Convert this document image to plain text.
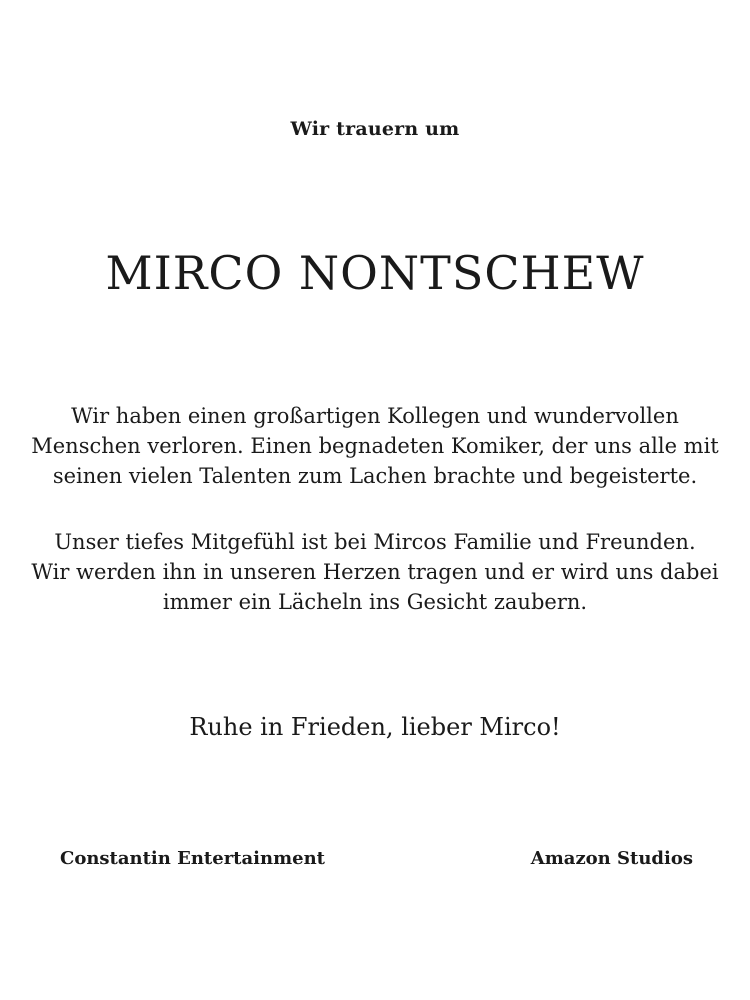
Wir trauern um
MIRCO NONTSCHEW

Wir haben einen großartigen Kollegen und wundervollen
Menschen verloren. Einen begnadeten Komiker, der uns alle mit
seinen vielen Talenten zum Lachen brachte und begeisterte.

Unser tiefes Mitgefühl ist bei Mircos Familie und Freunden.
Wir werden ihn in unseren Herzen tragen und er wird uns dabei
immer ein Lächeln ins Gesicht zaubern.

Ruhe in Frieden, lieber Mirco!

Constantin Entertainment	Amazon Studios
